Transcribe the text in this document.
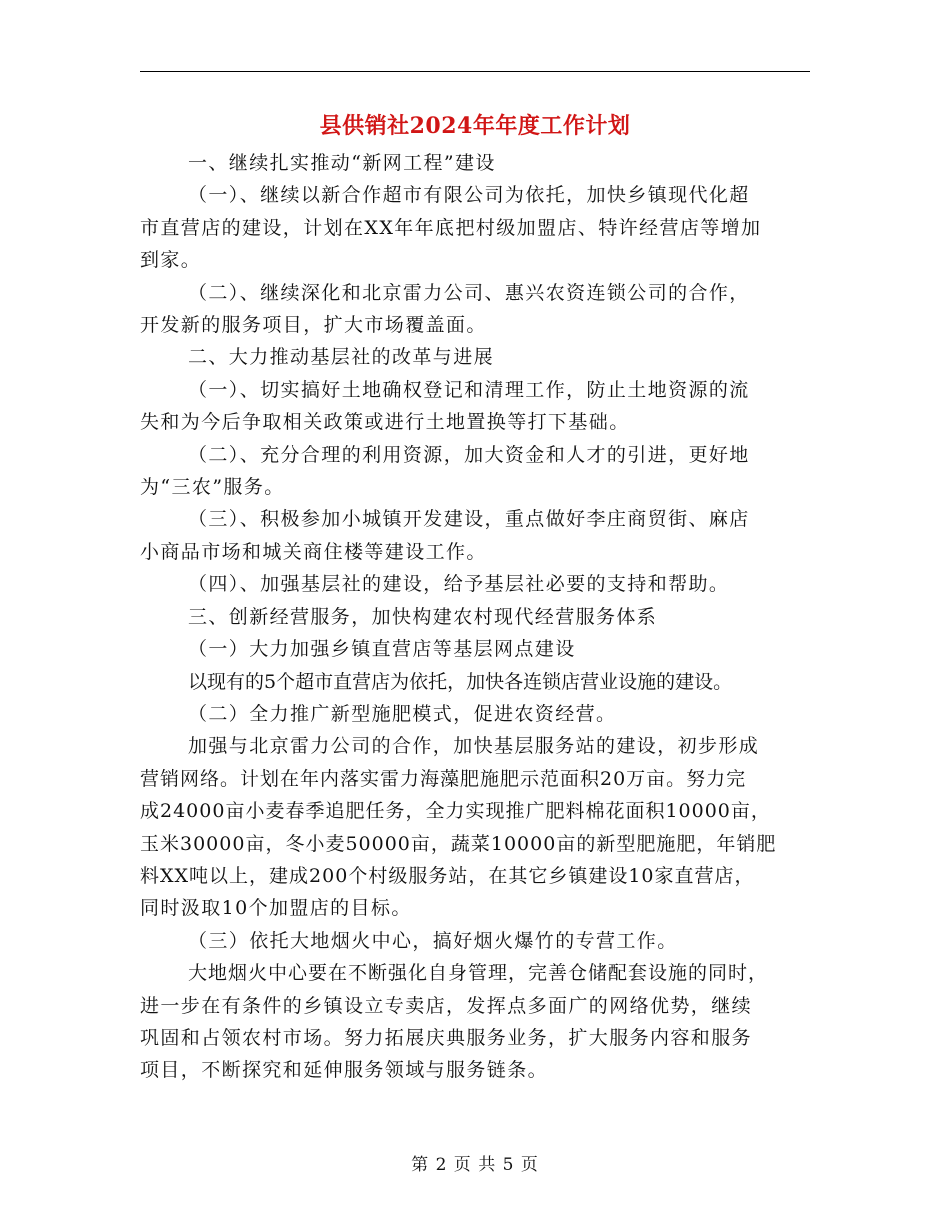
县供销社2024年年度工作计划

一、继续扎实推动“新网工程”建设

（一）、继续以新合作超市有限公司为依托，加快乡镇现代化超

市直营店的建设，计划在XX年年底把村级加盟店、特许经营店等增加

到家。

（二）、继续深化和北京雷力公司、惠兴农资连锁公司的合作，

开发新的服务项目，扩大市场覆盖面。

二、大力推动基层社的改革与进展

（一）、切实搞好土地确权登记和清理工作，防止土地资源的流

失和为今后争取相关政策或进行土地置换等打下基础。

（二）、充分合理的利用资源，加大资金和人才的引进，更好地

为“三农”服务。

（三）、积极参加小城镇开发建设，重点做好李庄商贸街、麻店

小商品市场和城关商住楼等建设工作。

（四）、加强基层社的建设，给予基层社必要的支持和帮助。

三、创新经营服务，加快构建农村现代经营服务体系

（一）大力加强乡镇直营店等基层网点建设

以现有的5个超市直营店为依托，加快各连锁店营业设施的建设。

（二）全力推广新型施肥模式，促进农资经营。

加强与北京雷力公司的合作，加快基层服务站的建设，初步形成

营销网络。计划在年内落实雷力海藻肥施肥示范面积20万亩。努力完

成24000亩小麦春季追肥任务，全力实现推广肥料棉花面积10000亩，

玉米30000亩，冬小麦50000亩，蔬菜10000亩的新型肥施肥，年销肥

料XX吨以上，建成200个村级服务站，在其它乡镇建设10家直营店，

同时汲取10个加盟店的目标。

（三）依托大地烟火中心，搞好烟火爆竹的专营工作。

大地烟火中心要在不断强化自身管理，完善仓储配套设施的同时，

进一步在有条件的乡镇设立专卖店，发挥点多面广的网络优势，继续

巩固和占领农村市场。努力拓展庆典服务业务，扩大服务内容和服务

项目，不断探究和延伸服务领域与服务链条。

第 2 页 共 5 页
